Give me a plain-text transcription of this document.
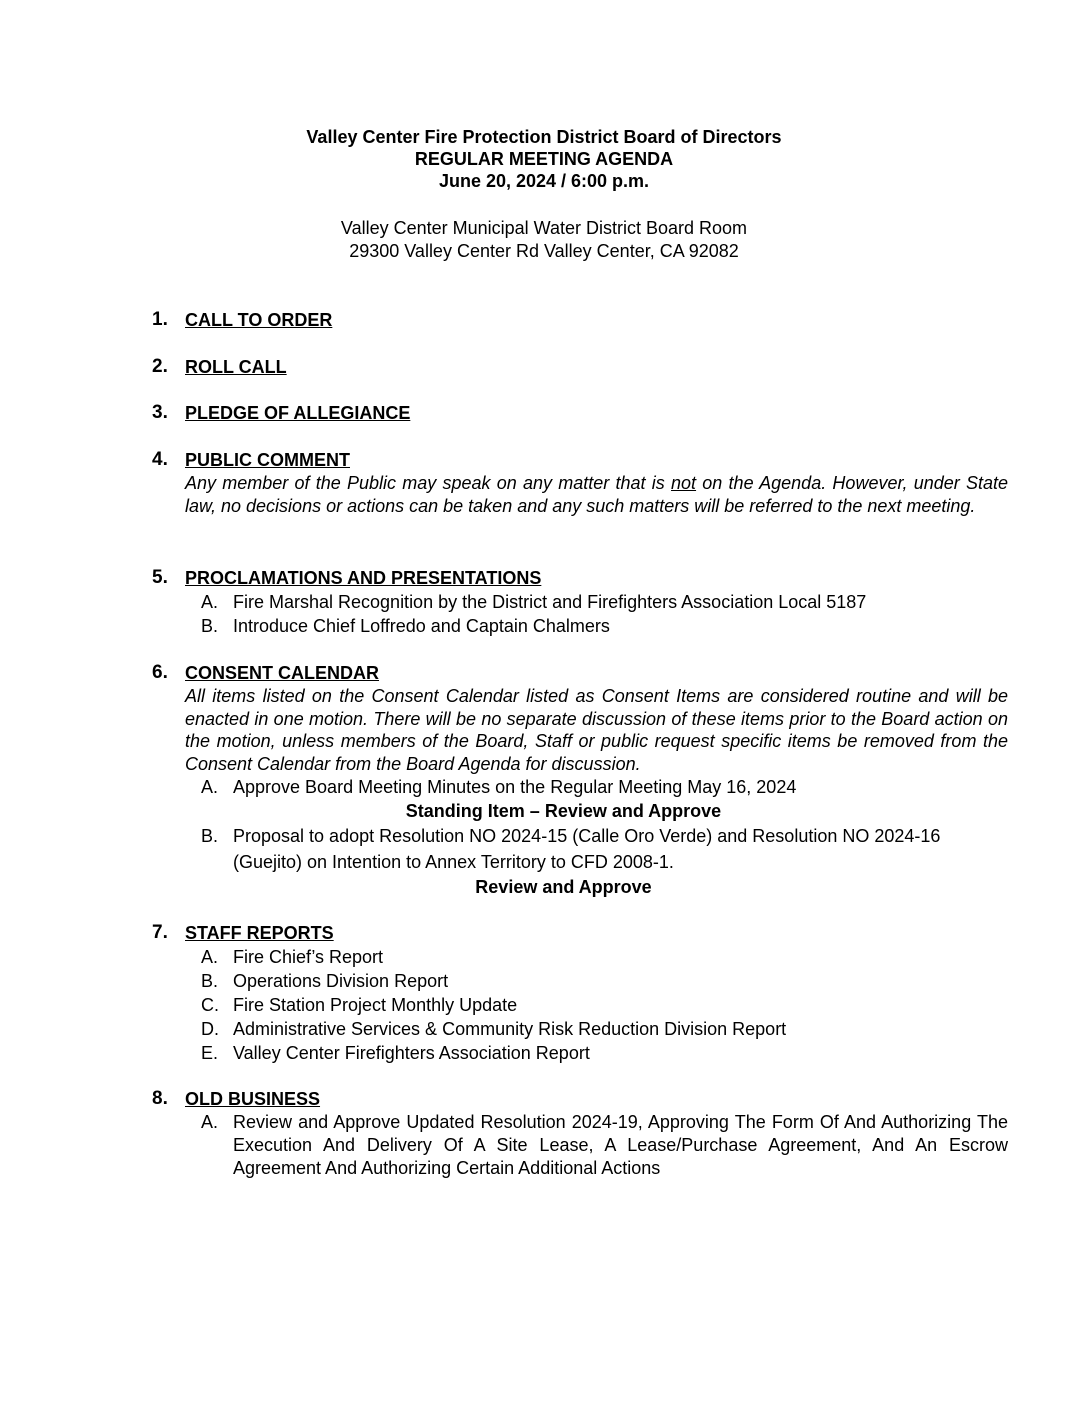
Valley Center Fire Protection District Board of Directors
REGULAR MEETING AGENDA
June 20, 2024 / 6:00 p.m.
Valley Center Municipal Water District Board Room
29300 Valley Center Rd Valley Center, CA 92082
1. CALL TO ORDER
2. ROLL CALL
3. PLEDGE OF ALLEGIANCE
4. PUBLIC COMMENT
Any member of the Public may speak on any matter that is not on the Agenda. However, under State law, no decisions or actions can be taken and any such matters will be referred to the next meeting.
5. PROCLAMATIONS AND PRESENTATIONS
A. Fire Marshal Recognition by the District and Firefighters Association Local 5187
B. Introduce Chief Loffredo and Captain Chalmers
6. CONSENT CALENDAR
All items listed on the Consent Calendar listed as Consent Items are considered routine and will be enacted in one motion. There will be no separate discussion of these items prior to the Board action on the motion, unless members of the Board, Staff or public request specific items be removed from the Consent Calendar from the Board Agenda for discussion.
A. Approve Board Meeting Minutes on the Regular Meeting May 16, 2024
Standing Item – Review and Approve
B. Proposal to adopt Resolution NO 2024-15 (Calle Oro Verde) and Resolution NO 2024-16 (Guejito) on Intention to Annex Territory to CFD 2008-1.
Review and Approve
7. STAFF REPORTS
A. Fire Chief’s Report
B. Operations Division Report
C. Fire Station Project Monthly Update
D. Administrative Services & Community Risk Reduction Division Report
E. Valley Center Firefighters Association Report
8. OLD BUSINESS
A. Review and Approve Updated Resolution 2024-19, Approving The Form Of And Authorizing The Execution And Delivery Of A Site Lease, A Lease/Purchase Agreement, And An Escrow Agreement And Authorizing Certain Additional Actions
